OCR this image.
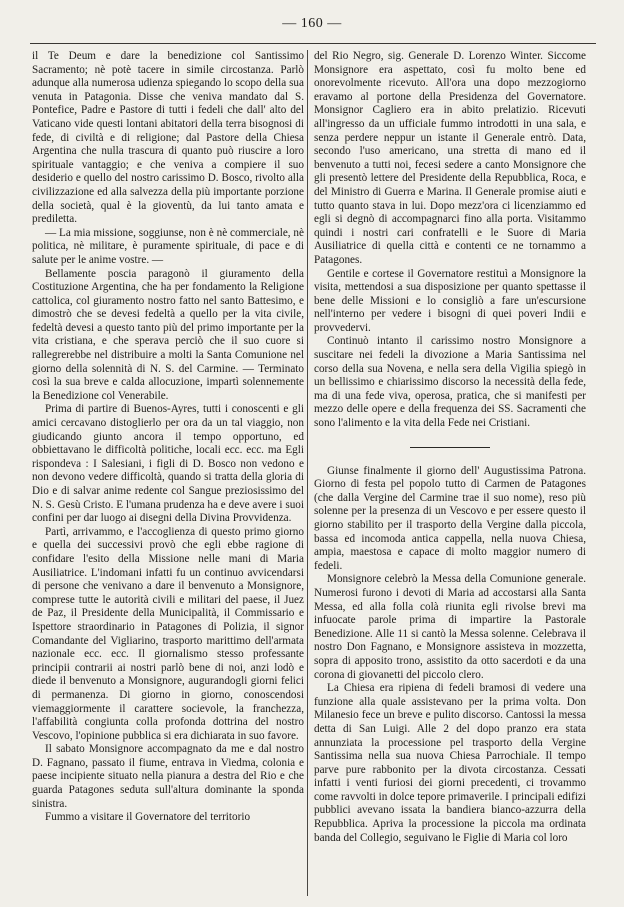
— 160 —

il Te Deum e dare la benedizione col Santissimo Sacramento; nè potè tacere in simile circostanza. Parlò adunque alla numerosa udienza spiegando lo scopo della sua venuta in Patagonia. Disse che veniva mandato dal S. Pontefice, Padre e Pastore di tutti i fedeli che dall' alto del Vaticano vide questi lontani abitatori della terra bisognosi di fede, di civiltà e di religione; dal Pastore della Chiesa Argentina che nulla trascura di quanto può riuscire a loro spirituale vantaggio; e che veniva a compiere il suo desiderio e quello del nostro carissimo D. Bosco, rivolto alla civilizzazione ed alla salvezza della più importante porzione della società, qual è la gioventù, da lui tanto amata e prediletta.

— La mia missione, soggiunse, non è nè commerciale, nè politica, nè militare, è puramente spirituale, di pace e di salute per le anime vostre. —

Bellamente poscia paragonò il giuramento della Costituzione Argentina, che ha per fondamento la Religione cattolica, col giuramento nostro fatto nel santo Battesimo, e dimostrò che se devesi fedeltà a quello per la vita civile, fedeltà devesi a questo tanto più del primo importante per la vita cristiana, e che sperava perciò che il suo cuore si rallegrerebbe nel distribuire a molti la Santa Comunione nel giorno della solennità di N. S. del Carmine. — Terminato così la sua breve e calda allocuzione, impartì solennemente la Benedizione col Venerabile.

Prima di partire di Buenos-Ayres, tutti i conoscenti e gli amici cercavano distoglierlo per ora da un tal viaggio, non giudicando giunto ancora il tempo opportuno, ed obbiettavano le difficoltà politiche, locali ecc. ecc. ma Egli rispondeva : I Salesiani, i figli di D. Bosco non vedono e non devono vedere difficoltà, quando si tratta della gloria di Dio e di salvar anime redente col Sangue preziosissimo del N. S. Gesù Cristo. E l'umana prudenza ha e deve avere i suoi confini per dar luogo ai disegni della Divina Provvidenza.

Partì, arrivammo, e l'accoglienza di questo primo giorno e quella dei successivi provò che egli ebbe ragione di confidare l'esito della Missione nelle mani di Maria Ausiliatrice. L'indomani infatti fu un continuo avvicendarsi di persone che venivano a dare il benvenuto a Monsignore, comprese tutte le autorità civili e militari del paese, il Juez de Paz, il Presidente della Municipalità, il Commissario e Ispettore straordinario in Patagones di Polizia, il signor Comandante del Vigliarino, trasporto marittimo dell'armata nazionale ecc. ecc. Il giornalismo stesso professante principii contrarii ai nostri parlò bene di noi, anzi lodò e diede il benvenuto a Monsignore, augurandogli giorni felici di permanenza. Di giorno in giorno, conoscendosi viemaggiormente il carattere socievole, la franchezza, l'affabilità congiunta colla profonda dottrina del nostro Vescovo, l'opinione pubblica si era dichiarata in suo favore.

Il sabato Monsignore accompagnato da me e dal nostro D. Fagnano, passato il fiume, entrava in Viedma, colonia e paese incipiente situato nella pianura a destra del Rio e che guarda Patagones seduta sull'altura dominante la sponda sinistra.

Fummo a visitare il Governatore del territorio

del Rio Negro, sig. Generale D. Lorenzo Winter. Siccome Monsignore era aspettato, così fu molto bene ed onorevolmente ricevuto. All'ora una dopo mezzogiorno eravamo al portone della Presidenza del Governatore. Monsignor Cagliero era in abito prelatizio. Ricevuti all'ingresso da un ufficiale fummo introdotti in una sala, e senza perdere neppur un istante il Generale entrò. Data, secondo l'uso americano, una stretta di mano ed il benvenuto a tutti noi, fecesi sedere a canto Monsignore che gli presentò lettere del Presidente della Repubblica, Roca, e del Ministro di Guerra e Marina. Il Generale promise aiuti e tutto quanto stava in lui. Dopo mezz'ora ci licenziammo ed egli si degnò di accompagnarci fino alla porta. Visitammo quindi i nostri cari confratelli e le Suore di Maria Ausiliatrice di quella città e contenti ce ne tornammo a Patagones.

Gentile e cortese il Governatore restituì a Monsignore la visita, mettendosi a sua disposizione per quanto spettasse il bene delle Missioni e lo consigliò a fare un'escursione nell'interno per vedere i bisogni di quei poveri Indii e provvedervi.

Continuò intanto il carissimo nostro Monsignore a suscitare nei fedeli la divozione a Maria Santissima nel corso della sua Novena, e nella sera della Vigilia spiegò in un bellissimo e chiarissimo discorso la necessità della fede, ma di una fede viva, operosa, pratica, che si manifesti per mezzo delle opere e della frequenza dei SS. Sacramenti che sono l'alimento e la vita della Fede nei Cristiani.

Giunse finalmente il giorno dell' Augustissima Patrona. Giorno di festa pel popolo tutto di Carmen de Patagones (che dalla Vergine del Carmine trae il suo nome), reso più solenne per la presenza di un Vescovo e per essere questo il giorno stabilito per il trasporto della Vergine dalla piccola, bassa ed incomoda antica cappella, nella nuova Chiesa, ampia, maestosa e capace di molto maggior numero di fedeli.

Monsignore celebrò la Messa della Comunione generale. Numerosi furono i devoti di Maria ad accostarsi alla Santa Messa, ed alla folla colà riunita egli rivolse brevi ma infuocate parole prima di impartire la Pastorale Benedizione. Alle 11 si cantò la Messa solenne. Celebrava il nostro Don Fagnano, e Monsignore assisteva in mozzetta, sopra di apposito trono, assistito da otto sacerdoti e da una corona di giovanetti del piccolo clero.

La Chiesa era ripiena di fedeli bramosi di vedere una funzione alla quale assistevano per la prima volta. Don Milanesio fece un breve e pulito discorso. Cantossi la messa detta di San Luigi. Alle 2 del dopo pranzo era stata annunziata la processione pel trasporto della Vergine Santissima nella sua nuova Chiesa Parrochiale. Il tempo parve pure rabbonito per la divota circostanza. Cessati infatti i venti furiosi dei giorni precedenti, ci trovammo come ravvolti in dolce tepore primaverile. I principali edifizi pubblici avevano issata la bandiera bianco-azzurra della Repubblica. Apriva la processione la piccola ma ordinata banda del Collegio, seguivano le Figlie di Maria col loro
